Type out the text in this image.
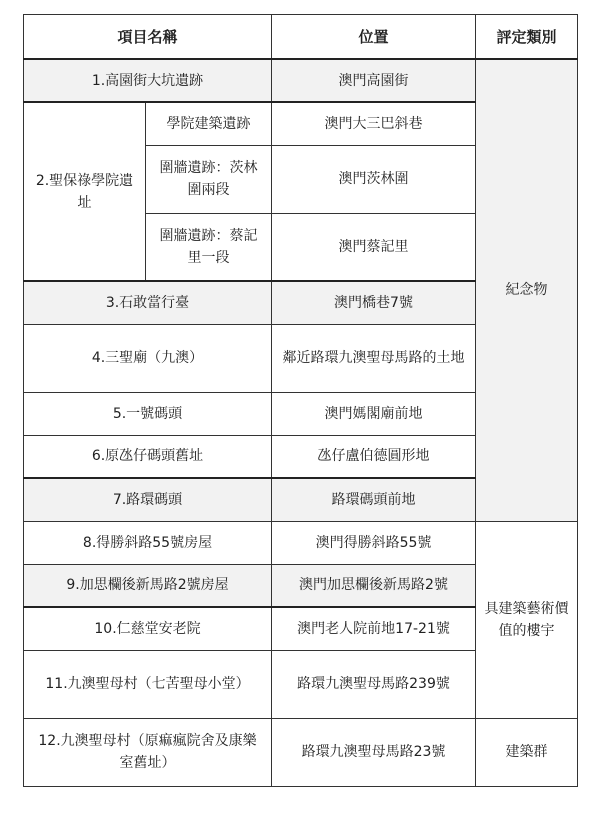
項目名稱		位置	評定類別
1.高園街大坑遺跡		澳門高園街	紀念物
2.聖保祿學院遺址	學院建築遺跡	澳門大三巴斜巷	
	圍牆遺跡：茨林圍兩段	澳門茨林圍	
	圍牆遺跡：蔡記里一段	澳門蔡記里	
3.石敢當行臺		澳門橋巷7號	
4.三聖廟（九澳）		鄰近路環九澳聖母馬路的土地	
5.一號碼頭		澳門媽閣廟前地	
6.原氹仔碼頭舊址		氹仔盧伯德圓形地	
7.路環碼頭		路環碼頭前地	
8.得勝斜路55號房屋		澳門得勝斜路55號	具建築藝術價值的樓宇
9.加思欄後新馬路2號房屋		澳門加思欄後新馬路2號	
10.仁慈堂安老院		澳門老人院前地17-21號	
11.九澳聖母村（七苦聖母小堂）		路環九澳聖母馬路239號	
12.九澳聖母村（原痲瘋院舍及康樂室舊址）		路環九澳聖母馬路23號	建築群
